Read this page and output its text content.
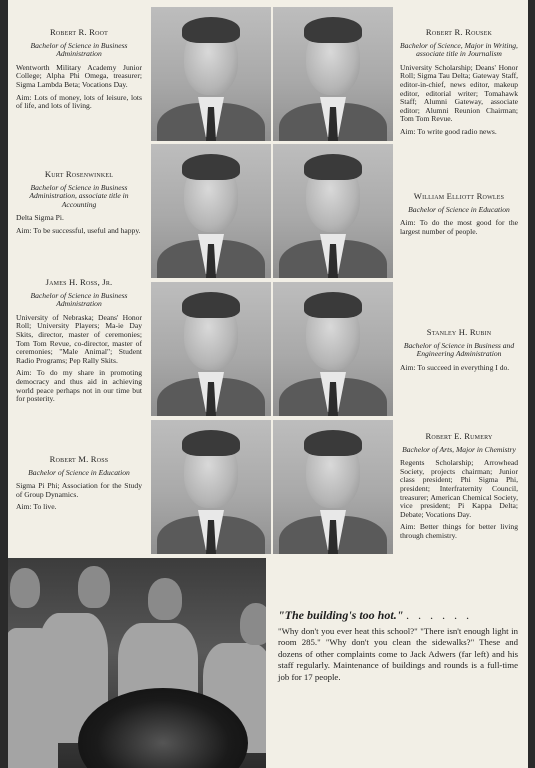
Robert R. Root
Bachelor of Science in Business Administration
Wentworth Military Academy Junior College; Alpha Phi Omega, treasurer; Sigma Lambda Beta; Vocations Day.
Aim: Lots of money, lots of leisure, lots of life, and lots of living.
Robert R. Rousek
Bachelor of Science, Major in Writing, associate title in Journalism
University Scholarship; Deans' Honor Roll; Sigma Tau Delta; Gateway Staff, editor-in-chief, news editor, makeup editor, editorial writer; Tomahawk Staff; Alumni Gateway, associate editor; Alumni Reunion Chairman; Tom Tom Revue.
Aim: To write good radio news.
Kurt Rosenwinkel
Bachelor of Science in Business Administration, associate title in Accounting
Delta Sigma Pi.
Aim: To be successful, useful and happy.
William Elliott Rowles
Bachelor of Science in Education
Aim: To do the most good for the largest number of people.
James H. Ross, Jr.
Bachelor of Science in Business Administration
University of Nebraska; Deans' Honor Roll; University Players; Ma-ie Day Skits, director, master of ceremonies; Tom Tom Revue, co-director, master of ceremonies; "Male Animal"; Student Radio Programs; Pep Rally Skits.
Aim: To do my share in promoting democracy and thus aid in achieving world peace perhaps not in our time but for posterity.
Stanley H. Rubin
Bachelor of Science in Business and Engineering Administration
Aim: To succeed in everything I do.
Robert M. Ross
Bachelor of Science in Education
Sigma Pi Phi; Association for the Study of Group Dynamics.
Aim: To live.
Robert E. Rumery
Bachelor of Arts, Major in Chemistry
Regents Scholarship; Arrowhead Society, projects chairman; Junior class president; Phi Sigma Phi, president; Interfraternity Council, treasurer; American Chemical Society, vice president; Pi Kappa Delta; Debate; Vocations Day.
Aim: Better things for better living through chemistry.
"The building's too hot." . . . . . .
"Why don't you ever heat this school?" "There isn't enough light in room 285." "Why don't you clean the sidewalks?" These and dozens of other complaints come to Jack Adwers (far left) and his staff regularly. Maintenance of buildings and rounds is a full-time job for 17 people.
